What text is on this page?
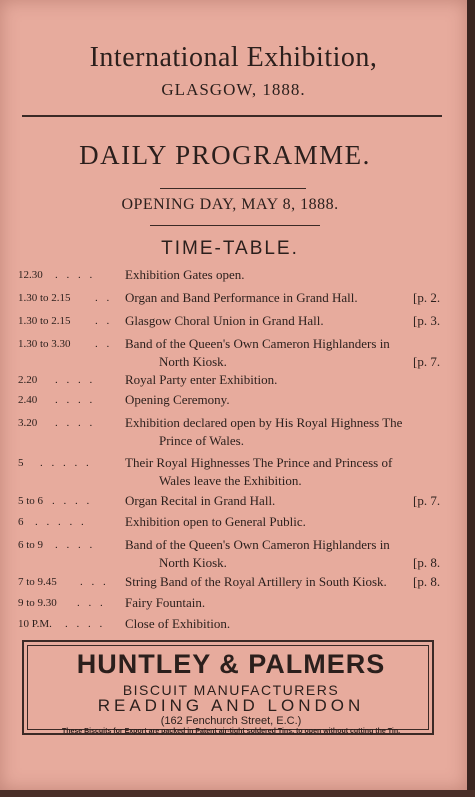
International Exhibition,
GLASGOW, 1888.
DAILY PROGRAMME.
OPENING DAY, MAY 8, 1888.
TIME-TABLE.
12.30 . . . . Exhibition Gates open.
1.30 to 2.15 . . Organ and Band Performance in Grand Hall.	[p. 2.
1.30 to 2.15 . . Glasgow Choral Union in Grand Hall.	[p. 3.
1.30 to 3.30 . . Band of the Queen's Own Cameron Highlanders in
North Kiosk.	[p. 7.
2.20 . . . . Royal Party enter Exhibition.
2.40 . . . . Opening Ceremony.
3.20 . . . . Exhibition declared open by His Royal Highness The
Prince of Wales.
5 . . . . .	Their Royal Highnesses The Prince and Princess of
Wales leave the Exhibition.
5 to 6 . . . .	Organ Recital in Grand Hall.	[p. 7.
6 . . . . .	Exhibition open to General Public.
6 to 9 . . . . Band of the Queen's Own Cameron Highlanders in
North Kiosk.	[p. 8.
7 to 9.45 . . . String Band of the Royal Artillery in South Kiosk.	[p. 8.
9 to 9.30 . . . Fairy Fountain.
10 P.M. . . . . Close of Exhibition.
HUNTLEY & PALMERS
BISCUIT MANUFACTURERS
READING AND LONDON
(162 Fenchurch Street, E.C.)
These Biscuits for Export are packed in Patent air-tight soldered Tins, to open without cutting the Tin.
